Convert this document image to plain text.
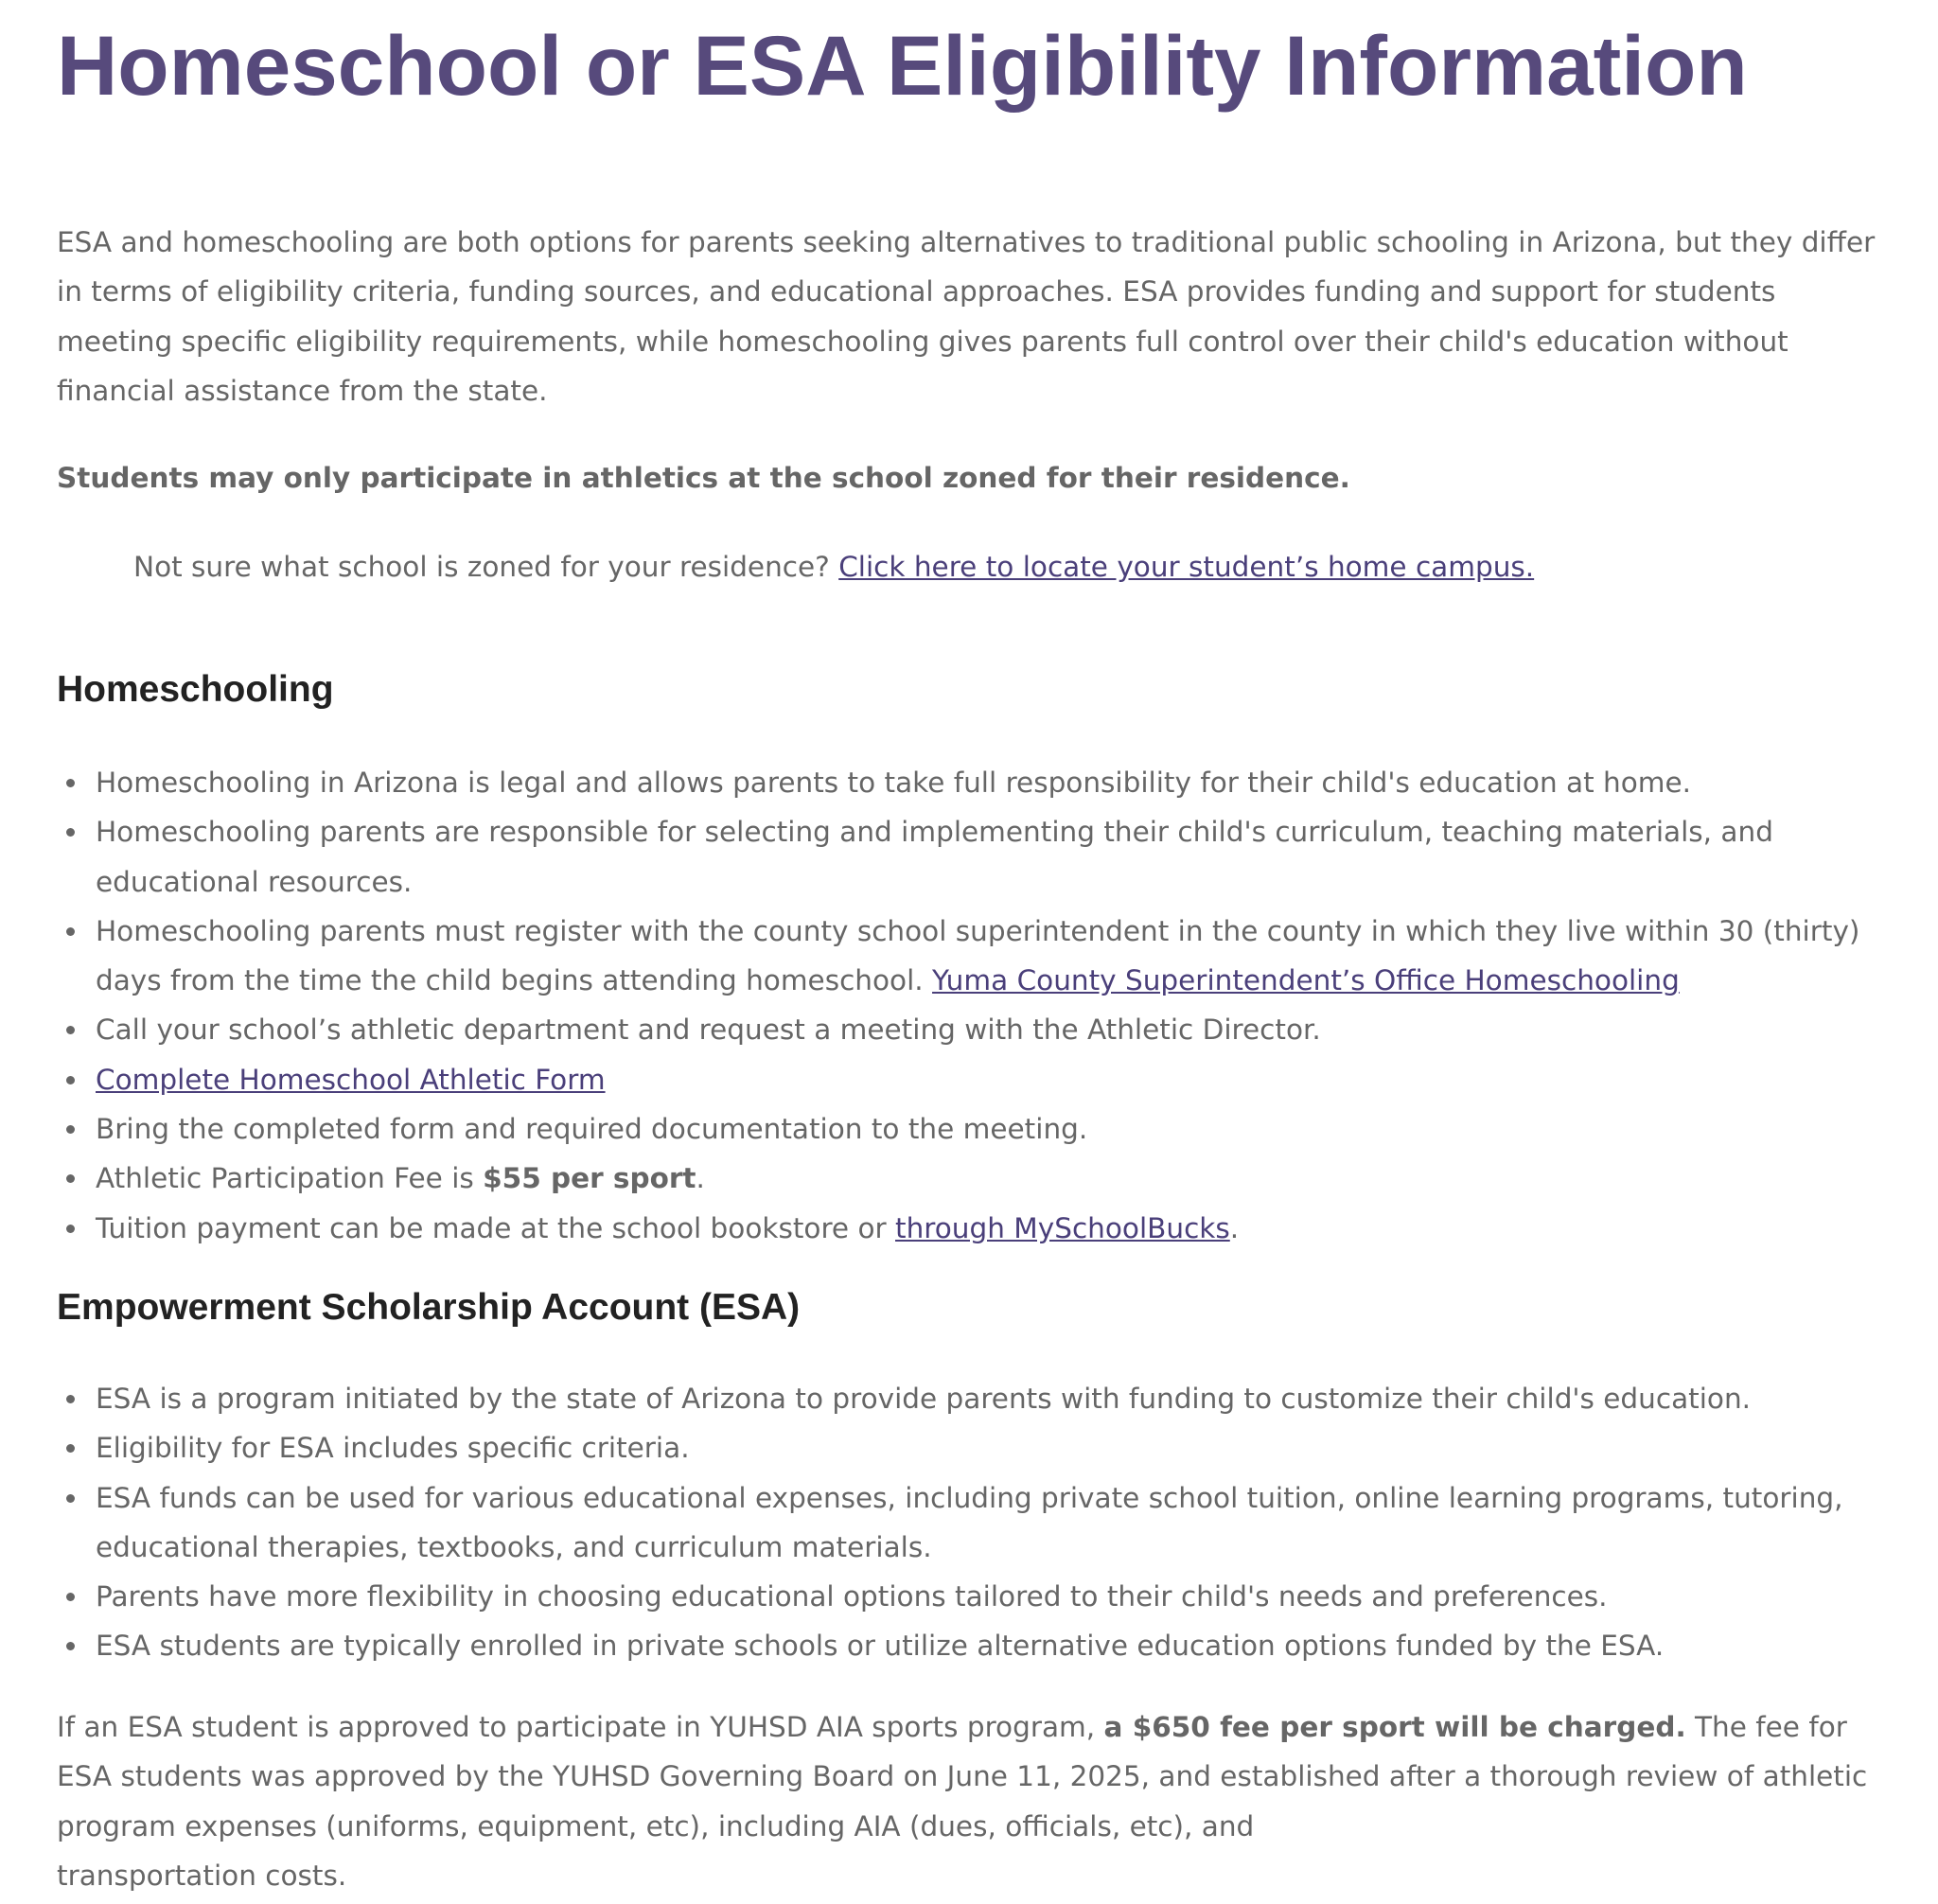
Homeschool or ESA Eligibility Information

ESA and homeschooling are both options for parents seeking alternatives to traditional public schooling in Arizona, but they differ in terms of eligibility criteria, funding sources, and educational approaches. ESA provides funding and support for students meeting specific eligibility requirements, while homeschooling gives parents full control over their child's education without financial assistance from the state.

Students may only participate in athletics at the school zoned for their residence.

Not sure what school is zoned for your residence? Click here to locate your student’s home campus.

Homeschooling
Homeschooling in Arizona is legal and allows parents to take full responsibility for their child's education at home.
Homeschooling parents are responsible for selecting and implementing their child's curriculum, teaching materials, and educational resources.
Homeschooling parents must register with the county school superintendent in the county in which they live within 30 (thirty) days from the time the child begins attending homeschool. Yuma County Superintendent’s Office Homeschooling
Call your school’s athletic department and request a meeting with the Athletic Director.
Complete Homeschool Athletic Form
Bring the completed form and required documentation to the meeting.
Athletic Participation Fee is $55 per sport.
Tuition payment can be made at the school bookstore or through MySchoolBucks.
Empowerment Scholarship Account (ESA)
ESA is a program initiated by the state of Arizona to provide parents with funding to customize their child's education.
Eligibility for ESA includes specific criteria.
ESA funds can be used for various educational expenses, including private school tuition, online learning programs, tutoring, educational therapies, textbooks, and curriculum materials.
Parents have more flexibility in choosing educational options tailored to their child's needs and preferences.
ESA students are typically enrolled in private schools or utilize alternative education options funded by the ESA.

If an ESA student is approved to participate in YUHSD AIA sports program, a $650 fee per sport will be charged. The fee for ESA students was approved by the YUHSD Governing Board on June 11, 2025, and established after a thorough review of athletic program expenses (uniforms, equipment, etc), including AIA (dues, officials, etc), and
transportation costs.
